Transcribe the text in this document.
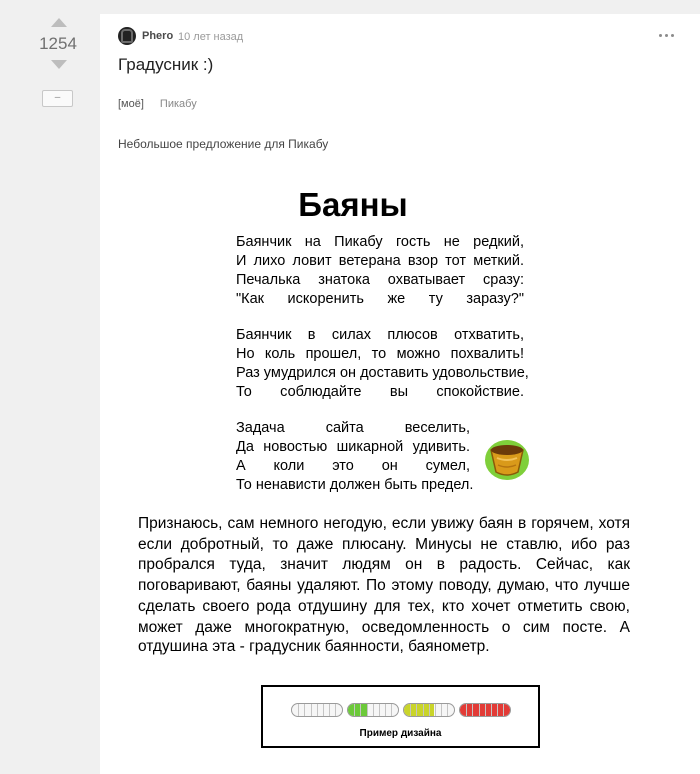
1254
–
Phero 10 лет назад
Градусник :)
[моё] Пикабу
Небольшое предложение для Пикабу
Баяны
Баянчик на Пикабу гость не редкий,
И лихо ловит ветерана взор тот меткий.
Печалька знатока охватывает сразу:
"Как искоренить же ту заразу?"
Баянчик в силах плюсов отхватить,
Но коль прошел, то можно похвалить!
Раз умудрился он доставить удовольствие,
То соблюдайте вы спокойствие.
Задача сайта веселить,
Да новостью шикарной удивить.
А коли это он сумел,
То ненависти должен быть предел.
Признаюсь, сам немного негодую, если увижу баян в горячем, хотя
если добротный, то даже плюсану. Минусы не ставлю, ибо раз
пробрался туда, значит людям он в радость. Сейчас, как
поговаривают, баяны удаляют. По этому поводу, думаю, что лучше
сделать своего рода отдушину для тех, кто хочет отметить свою,
может даже многократную, осведомленность о сим посте. А
отдушина эта - градусник баянности, баянометр.
Пример дизайна
